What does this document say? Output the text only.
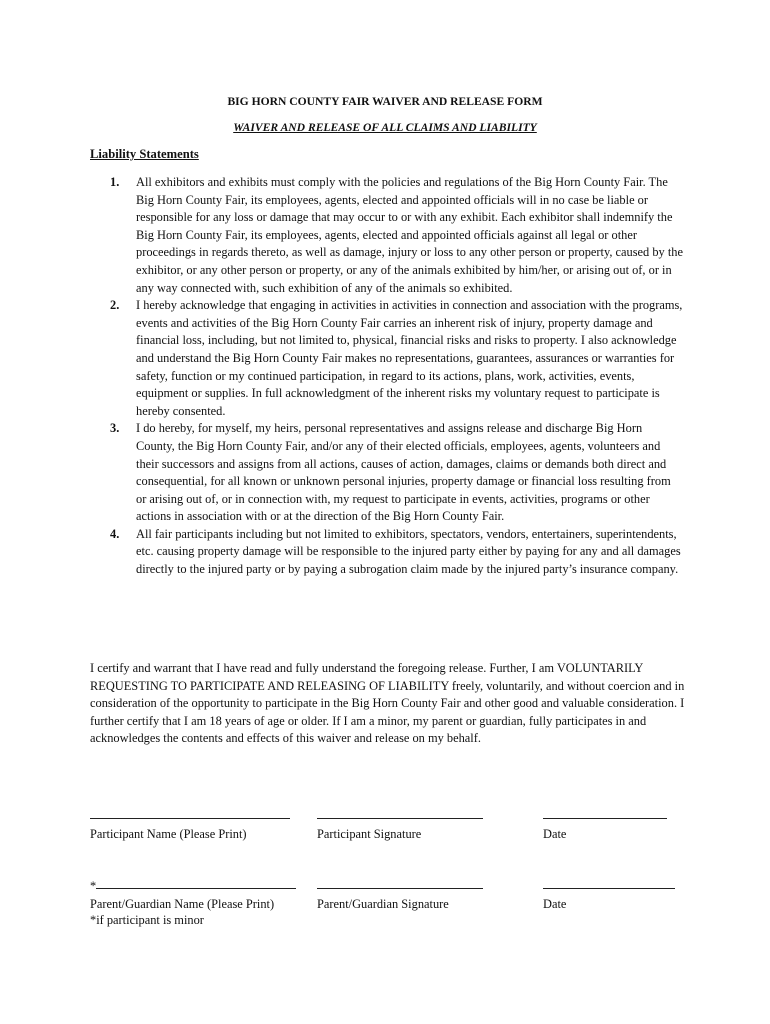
BIG HORN COUNTY FAIR WAIVER AND RELEASE FORM
WAIVER AND RELEASE OF ALL CLAIMS AND LIABILITY
Liability Statements
1. All exhibitors and exhibits must comply with the policies and regulations of the Big Horn County Fair. The Big Horn County Fair, its employees, agents, elected and appointed officials will in no case be liable or responsible for any loss or damage that may occur to or with any exhibit. Each exhibitor shall indemnify the Big Horn County Fair, its employees, agents, elected and appointed officials against all legal or other proceedings in regards thereto, as well as damage, injury or loss to any other person or property, caused by the exhibitor, or any other person or property, or any of the animals exhibited by him/her, or arising out of, or in any way connected with, such exhibition of any of the animals so exhibited.
2. I hereby acknowledge that engaging in activities in activities in connection and association with the programs, events and activities of the Big Horn County Fair carries an inherent risk of injury, property damage and financial loss, including, but not limited to, physical, financial risks and risks to property. I also acknowledge and understand the Big Horn County Fair makes no representations, guarantees, assurances or warranties for safety, function or my continued participation, in regard to its actions, plans, work, activities, events, equipment or supplies. In full acknowledgment of the inherent risks my voluntary request to participate is hereby consented.
3. I do hereby, for myself, my heirs, personal representatives and assigns release and discharge Big Horn County, the Big Horn County Fair, and/or any of their elected officials, employees, agents, volunteers and their successors and assigns from all actions, causes of action, damages, claims or demands both direct and consequential, for all known or unknown personal injuries, property damage or financial loss resulting from or arising out of, or in connection with, my request to participate in events, activities, programs or other actions in association with or at the direction of the Big Horn County Fair.
4. All fair participants including but not limited to exhibitors, spectators, vendors, entertainers, superintendents, etc. causing property damage will be responsible to the injured party either by paying for any and all damages directly to the injured party or by paying a subrogation claim made by the injured party’s insurance company.
I certify and warrant that I have read and fully understand the foregoing release. Further, I am VOLUNTARILY REQUESTING TO PARTICIPATE AND RELEASING OF LIABILITY freely, voluntarily, and without coercion and in consideration of the opportunity to participate in the Big Horn County Fair and other good and valuable consideration. I further certify that I am 18 years of age or older. If I am a minor, my parent or guardian, fully participates in and acknowledges the contents and effects of this waiver and release on my behalf.
Participant Name (Please Print)	Participant Signature	Date
*
Parent/Guardian Name (Please Print)	Parent/Guardian Signature	Date
*if participant is minor
